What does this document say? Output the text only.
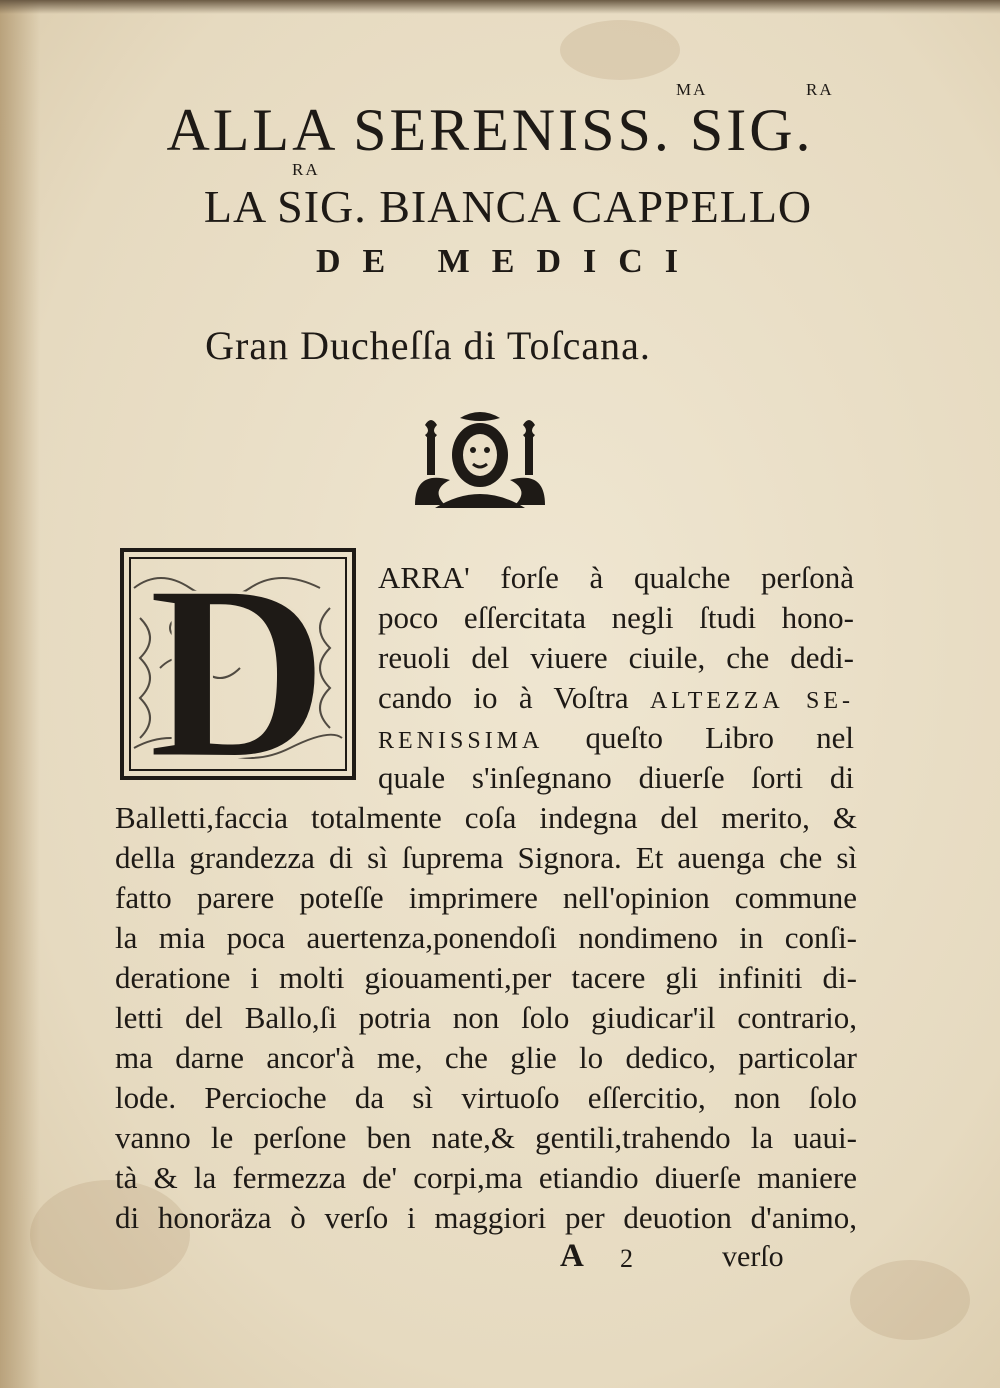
ALLA SERENISS. SIG.
MA	RA
RA
LA SIG. BIANCA CAPPELLO
DE MEDICI
Gran Ducheſſa di Toſcana.
D ARRA' forſe à qualche perſonà
poco eſſercitata negli ſtudi hono-
reuoli del viuere ciuile, che dedi-
cando io à Voſtra ALTEZZA SE-
RENISSIMA queſto Libro nel
quale s'inſegnano diuerſe ſorti di
Balletti,faccia totalmente coſa indegna del merito, &
della grandezza di sì ſuprema Signora. Et auenga che sì
fatto parere poteſſe imprimere nell'opinion commune
la mia poca auertenza,ponendoſi nondimeno in conſi-
deratione i molti giouamenti,per tacere gli infiniti di-
letti del Ballo,ſi potria non ſolo giudicar'il contrario,
ma darne ancor'à me, che glie lo dedico, particolar
lode. Percioche da sì virtuoſo eſſercitio, non ſolo
vanno le perſone ben nate,& gentili,trahendo la uaui-
tà & la fermezza de' corpi,ma etiandio diuerſe maniere
di honoräza ò verſo i maggiori per deuotion d'animo,
A 2	verſo
